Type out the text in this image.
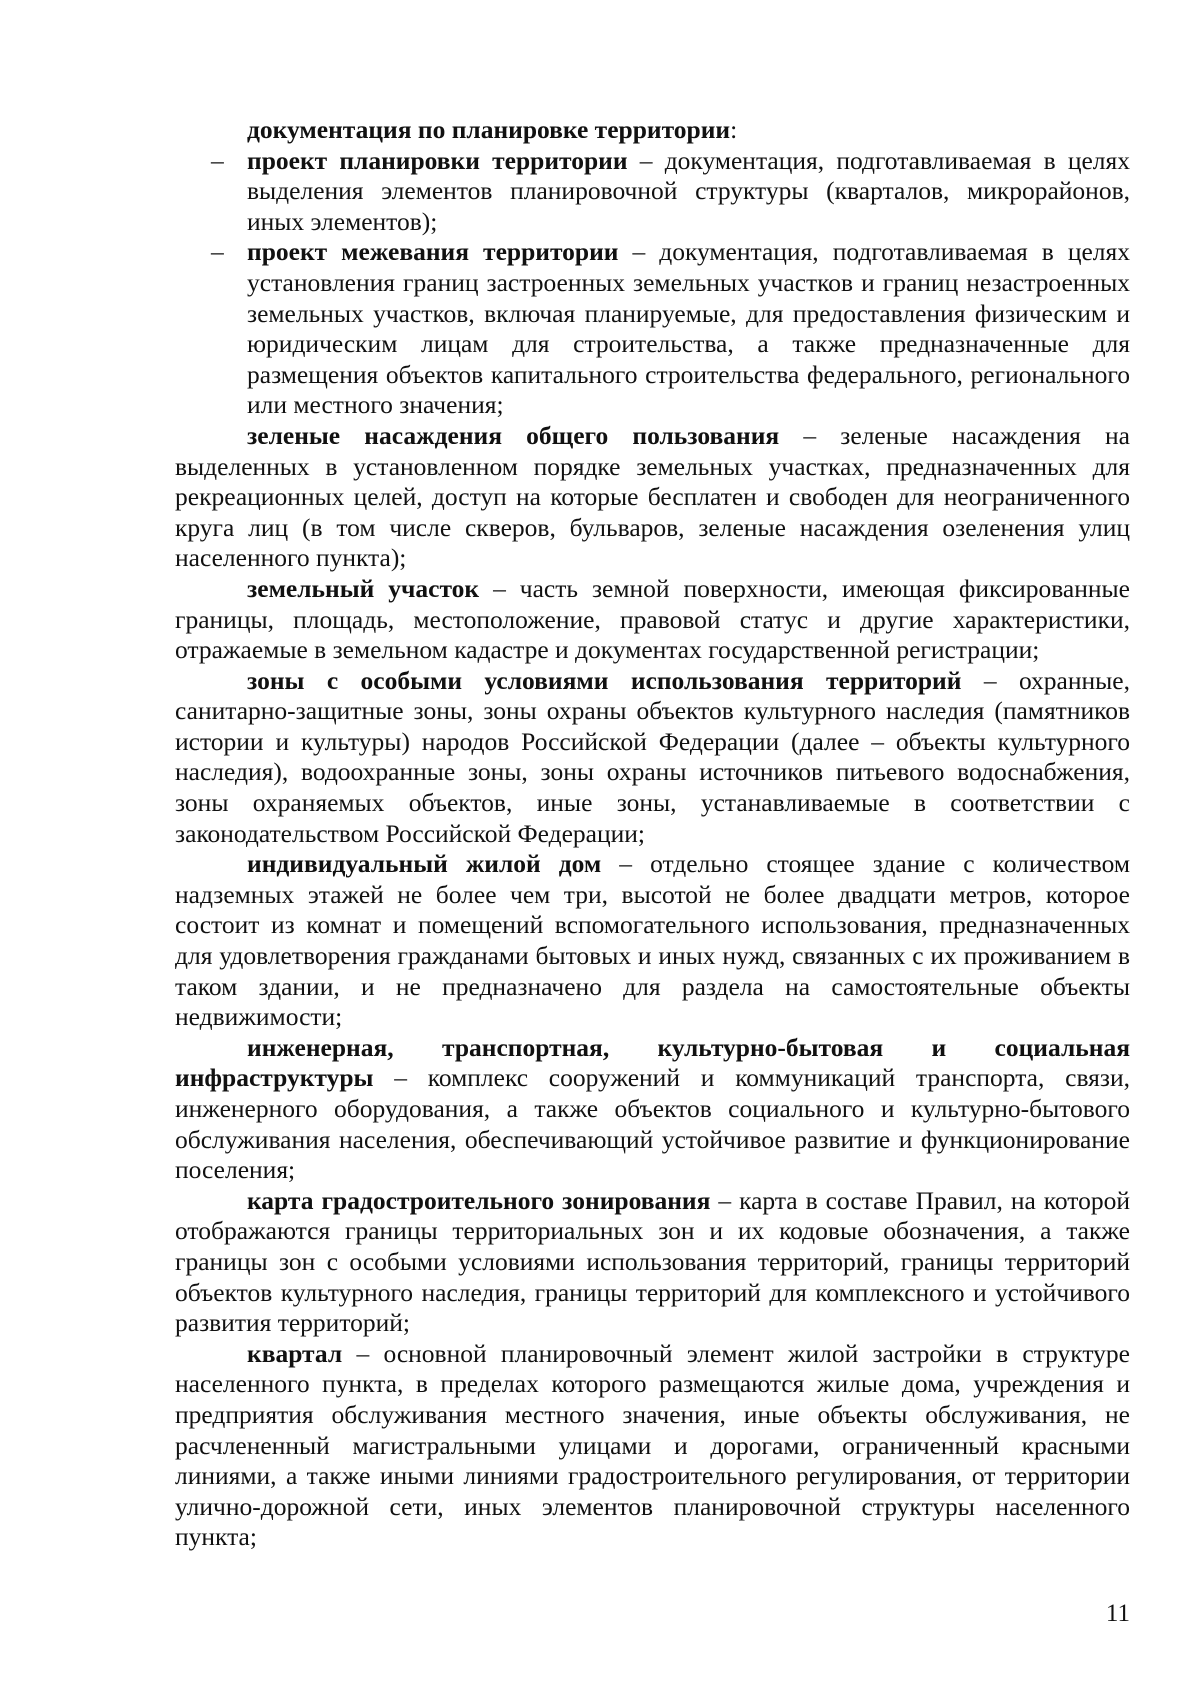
документация по планировке территории:

– проект планировки территории – документация, подготавливаемая в целях выделения элементов планировочной структуры (кварталов, микрорайонов, иных элементов);
– проект межевания территории – документация, подготавливаемая в целях установления границ застроенных земельных участков и границ незастроенных земельных участков, включая планируемые, для предоставления физическим и юридическим лицам для строительства, а также предназначенные для размещения объектов капитального строительства федерального, регионального или местного значения;

зеленые насаждения общего пользования – зеленые насаждения на выделенных в установленном порядке земельных участках, предназначенных для рекреационных целей, доступ на которые бесплатен и свободен для неограниченного круга лиц (в том числе скверов, бульваров, зеленые насаждения озеленения улиц населенного пункта);

земельный участок – часть земной поверхности, имеющая фиксированные границы, площадь, местоположение, правовой статус и другие характеристики, отражаемые в земельном кадастре и документах государственной регистрации;

зоны с особыми условиями использования территорий – охранные, санитарно-защитные зоны, зоны охраны объектов культурного наследия (памятников истории и культуры) народов Российской Федерации (далее – объекты культурного наследия), водоохранные зоны, зоны охраны источников питьевого водоснабжения, зоны охраняемых объектов, иные зоны, устанавливаемые в соответствии с законодательством Российской Федерации;

индивидуальный жилой дом – отдельно стоящее здание с количеством надземных этажей не более чем три, высотой не более двадцати метров, которое состоит из комнат и помещений вспомогательного использования, предназначенных для удовлетворения гражданами бытовых и иных нужд, связанных с их проживанием в таком здании, и не предназначено для раздела на самостоятельные объекты недвижимости;

инженерная, транспортная, культурно-бытовая и социальная инфраструктуры – комплекс сооружений и коммуникаций транспорта, связи, инженерного оборудования, а также объектов социального и культурно-бытового обслуживания населения, обеспечивающий устойчивое развитие и функционирование поселения;

карта градостроительного зонирования – карта в составе Правил, на которой отображаются границы территориальных зон и их кодовые обозначения, а также границы зон с особыми условиями использования территорий, границы территорий объектов культурного наследия, границы территорий для комплексного и устойчивого развития территорий;

квартал – основной планировочный элемент жилой застройки в структуре населенного пункта, в пределах которого размещаются жилые дома, учреждения и предприятия обслуживания местного значения, иные объекты обслуживания, не расчлененный магистральными улицами и дорогами, ограниченный красными линиями, а также иными линиями градостроительного регулирования, от территории улично-дорожной сети, иных элементов планировочной структуры населенного пункта;

11
